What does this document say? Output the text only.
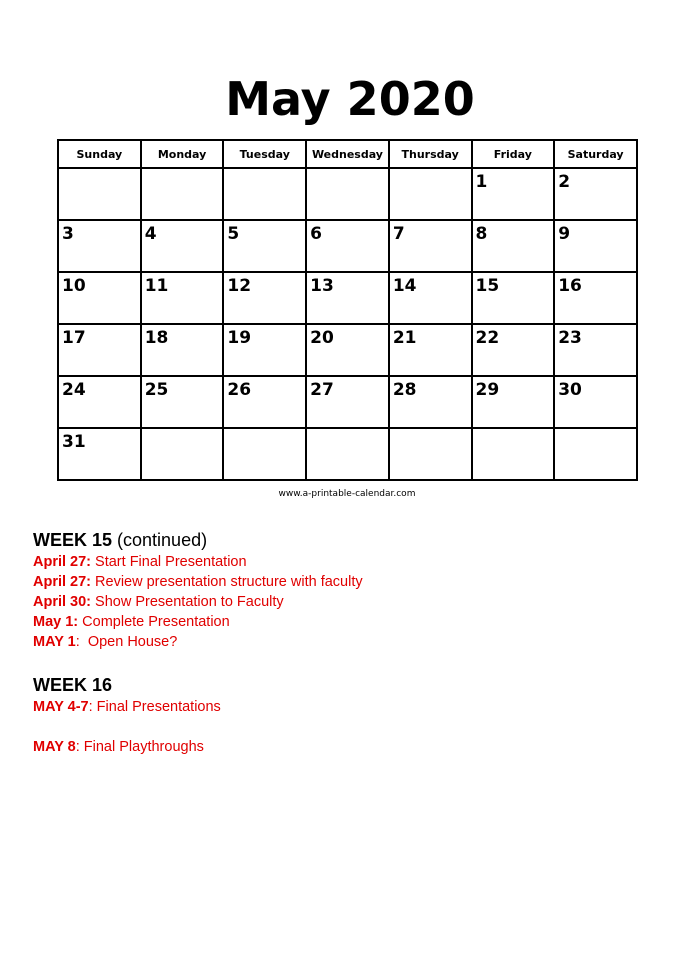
May 2020
Sunday	Monday	Tuesday	Wednesday	Thursday	Friday	Saturday

					1	2

3	4	5	6	7	8	9

10	11	12	13	14	15	16

17	18	19	20	21	22	23

24	25	26	27	28	29	30

31						

www.a-printable-calendar.com

WEEK 15 (continued)

April 27: Start Final Presentation

April 27: Review presentation structure with faculty

April 30: Show Presentation to Faculty

May 1: Complete Presentation

MAY 1:  Open House?

WEEK 16

MAY 4-7: Final Presentations

MAY 8: Final Playthroughs
